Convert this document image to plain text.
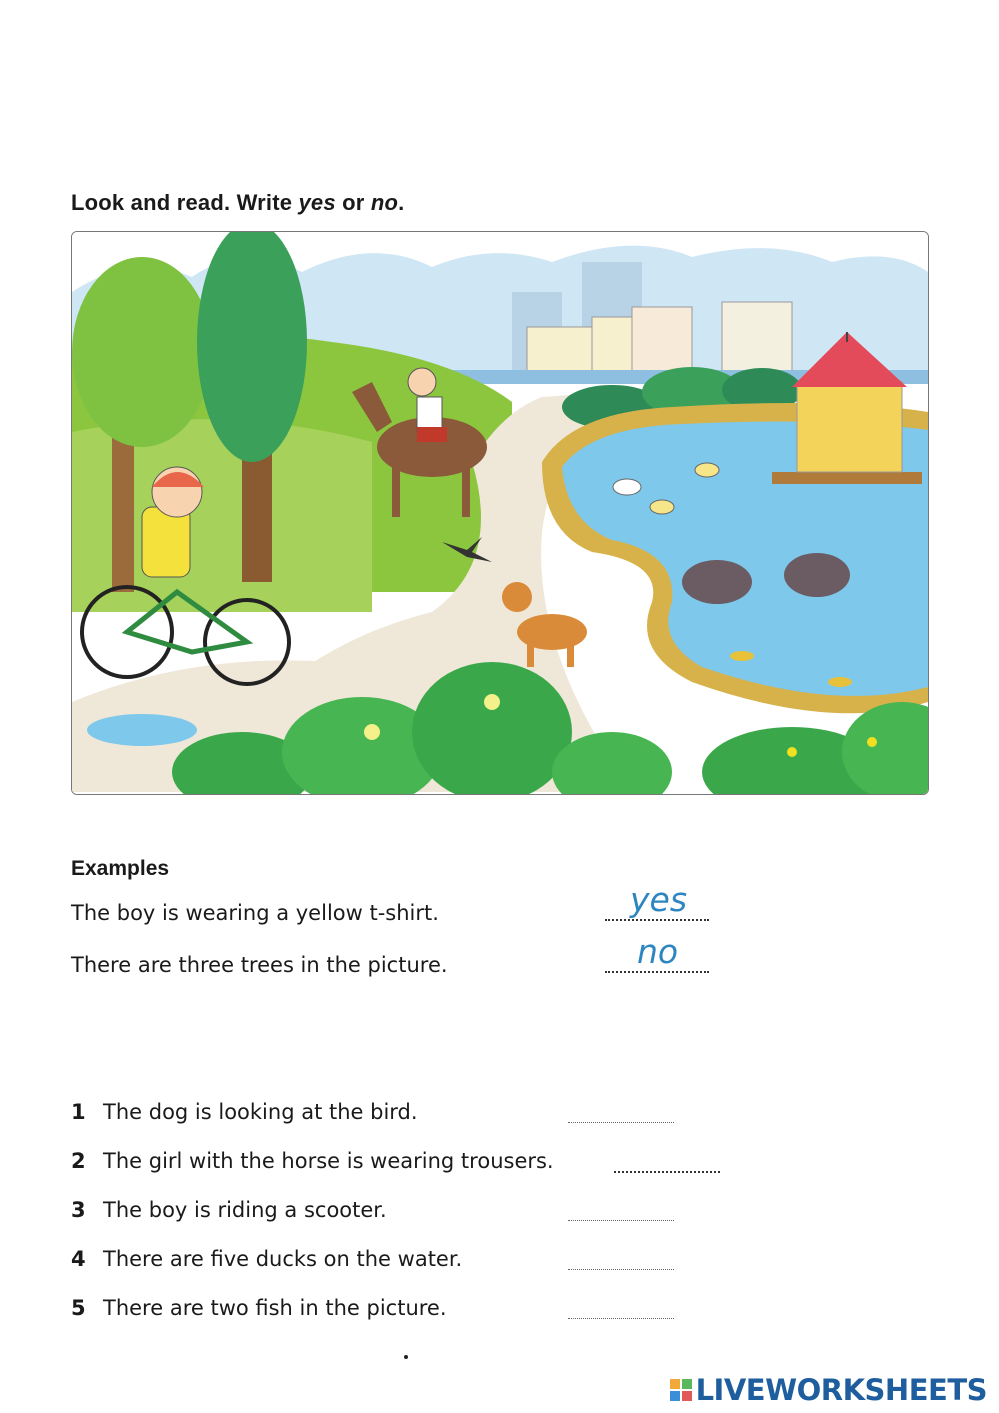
Look and read. Write yes or no.
Examples
The boy is wearing a yellow t-shirt.	yes
There are three trees in the picture.	no
1 The dog is looking at the bird.
2 The girl with the horse is wearing trousers.
3 The boy is riding a scooter.
4 There are five ducks on the water.
5 There are two fish in the picture.
LIVEWORKSHEETS
